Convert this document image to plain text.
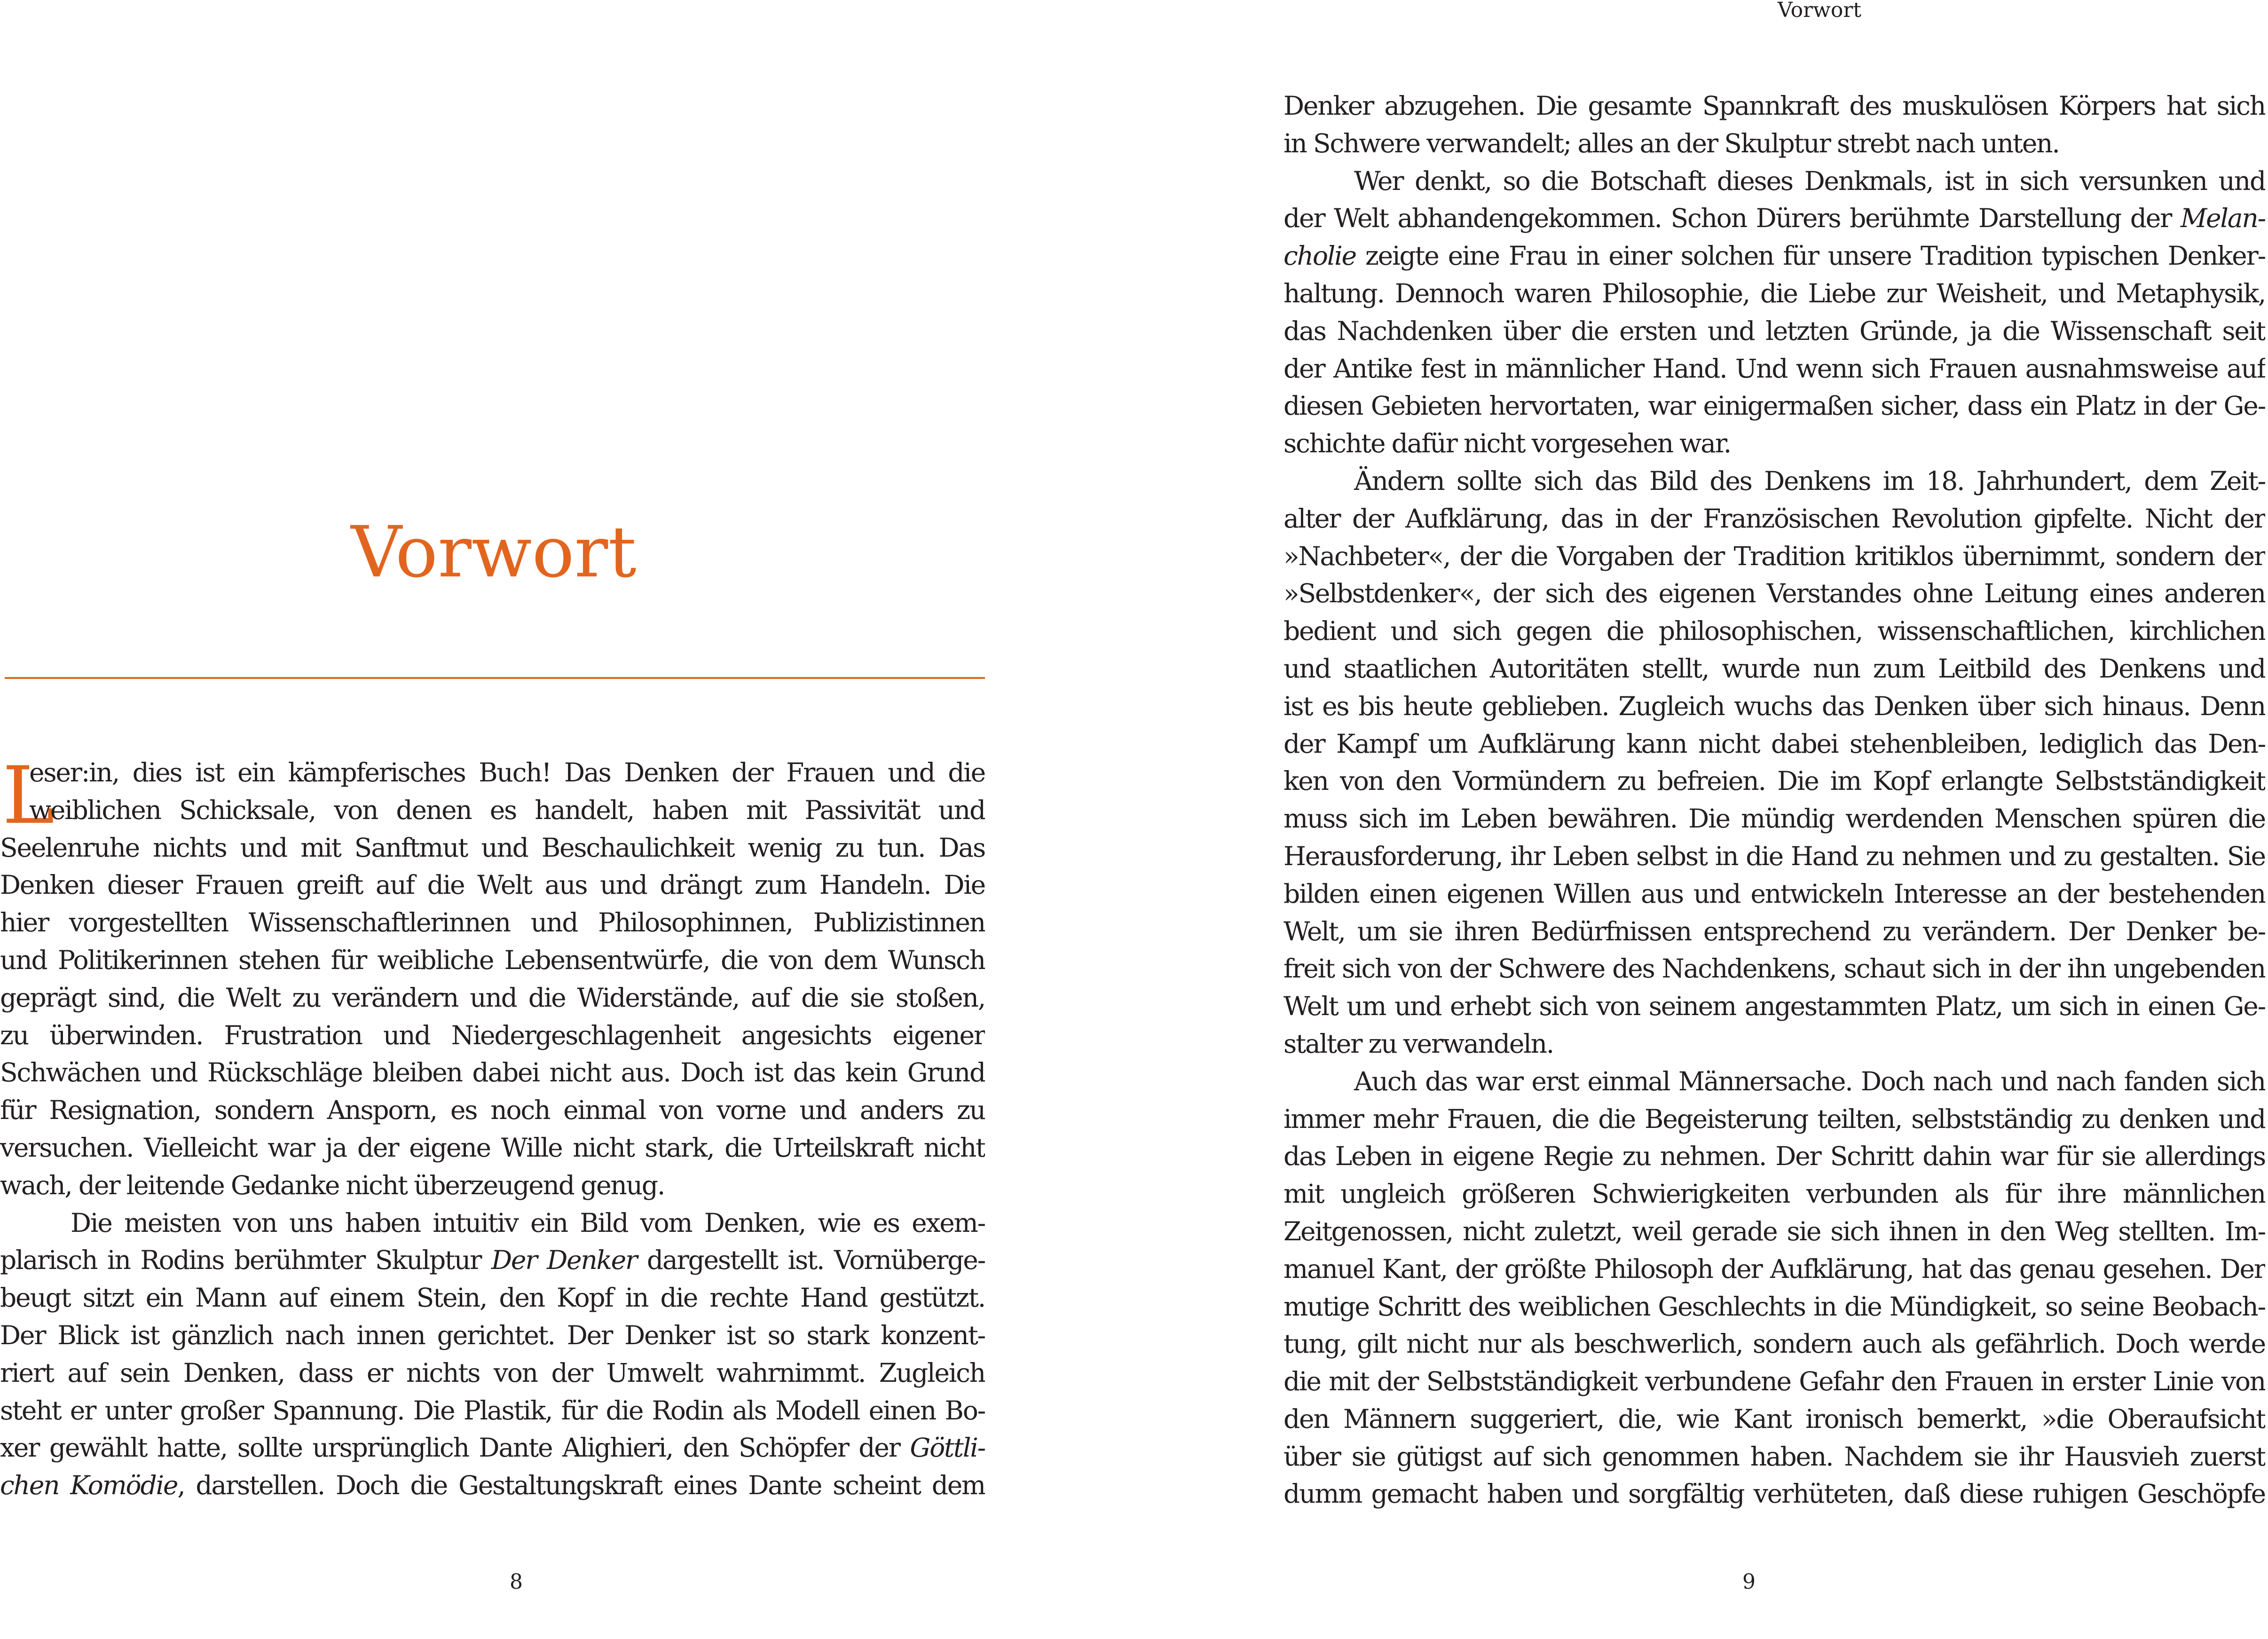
Vorwort

Vorwort
L
eser:in, dies ist ein kämpferisches Buch! Das Denken der Frauen und die
weiblichen Schicksale, von denen es handelt, haben mit Passivität und
Seelenruhe nichts und mit Sanftmut und Beschaulichkeit wenig zu tun. Das
Denken dieser Frauen greift auf die Welt aus und drängt zum Handeln. Die
hier vorgestellten Wissenschaftlerinnen und Philosophinnen, Publizistinnen
und Politikerinnen stehen für weibliche Lebensentwürfe, die von dem Wunsch
geprägt sind, die Welt zu verändern und die Widerstände, auf die sie stoßen,
zu überwinden. Frustration und Niedergeschlagenheit angesichts eigener
Schwächen und Rückschläge bleiben dabei nicht aus. Doch ist das kein Grund
für Resignation, sondern Ansporn, es noch einmal von vorne und anders zu
versuchen. Vielleicht war ja der eigene Wille nicht stark, die Urteilskraft nicht
wach, der leitende Gedanke nicht überzeugend genug.
Die meisten von uns haben intuitiv ein Bild vom Denken, wie es exem-
plarisch in Rodins berühmter Skulptur Der Denker dargestellt ist. Vornüberge-
beugt sitzt ein Mann auf einem Stein, den Kopf in die rechte Hand gestützt.
Der Blick ist gänzlich nach innen gerichtet. Der Denker ist so stark konzent-
riert auf sein Denken, dass er nichts von der Umwelt wahrnimmt. Zugleich
steht er unter großer Spannung. Die Plastik, für die Rodin als Modell einen Bo-
xer gewählt hatte, sollte ursprünglich Dante Alighieri, den Schöpfer der Göttli-
chen Komödie, darstellen. Doch die Gestaltungskraft eines Dante scheint dem
Denker abzugehen. Die gesamte Spannkraft des muskulösen Körpers hat sich
in Schwere verwandelt; alles an der Skulptur strebt nach unten.
Wer denkt, so die Botschaft dieses Denkmals, ist in sich versunken und
der Welt abhandengekommen. Schon Dürers berühmte Darstellung der Melan-
cholie zeigte eine Frau in einer solchen für unsere Tradition typischen Denker-
haltung. Dennoch waren Philosophie, die Liebe zur Weisheit, und Metaphysik,
das Nachdenken über die ersten und letzten Gründe, ja die Wissenschaft seit
der Antike fest in männlicher Hand. Und wenn sich Frauen ausnahmsweise auf
diesen Gebieten hervortaten, war einigermaßen sicher, dass ein Platz in der Ge-
schichte dafür nicht vorgesehen war.
Ändern sollte sich das Bild des Denkens im 18. Jahrhundert, dem Zeit-
alter der Aufklärung, das in der Französischen Revolution gipfelte. Nicht der
»Nachbeter«, der die Vorgaben der Tradition kritiklos übernimmt, sondern der
»Selbstdenker«, der sich des eigenen Verstandes ohne Leitung eines anderen
bedient und sich gegen die philosophischen, wissenschaftlichen, kirchlichen
und staatlichen Autoritäten stellt, wurde nun zum Leitbild des Denkens und
ist es bis heute geblieben. Zugleich wuchs das Denken über sich hinaus. Denn
der Kampf um Aufklärung kann nicht dabei stehenbleiben, lediglich das Den-
ken von den Vormündern zu befreien. Die im Kopf erlangte Selbstständigkeit
muss sich im Leben bewähren. Die mündig werdenden Menschen spüren die
Herausforderung, ihr Leben selbst in die Hand zu nehmen und zu gestalten. Sie
bilden einen eigenen Willen aus und entwickeln Interesse an der bestehenden
Welt, um sie ihren Bedürfnissen entsprechend zu verändern. Der Denker be-
freit sich von der Schwere des Nachdenkens, schaut sich in der ihn ungebenden
Welt um und erhebt sich von seinem angestammten Platz, um sich in einen Ge-
stalter zu verwandeln.
Auch das war erst einmal Männersache. Doch nach und nach fanden sich
immer mehr Frauen, die die Begeisterung teilten, selbstständig zu denken und
das Leben in eigene Regie zu nehmen. Der Schritt dahin war für sie allerdings
mit ungleich größeren Schwierigkeiten verbunden als für ihre männlichen
Zeitgenossen, nicht zuletzt, weil gerade sie sich ihnen in den Weg stellten. Im-
manuel Kant, der größte Philosoph der Aufklärung, hat das genau gesehen. Der
mutige Schritt des weiblichen Geschlechts in die Mündigkeit, so seine Beobach-
tung, gilt nicht nur als beschwerlich, sondern auch als gefährlich. Doch werde
die mit der Selbstständigkeit verbundene Gefahr den Frauen in erster Linie von
den Männern suggeriert, die, wie Kant ironisch bemerkt, »die Oberaufsicht
über sie gütigst auf sich genommen haben. Nachdem sie ihr Hausvieh zuerst
dumm gemacht haben und sorgfältig verhüteten, daß diese ruhigen Geschöpfe

8	9
